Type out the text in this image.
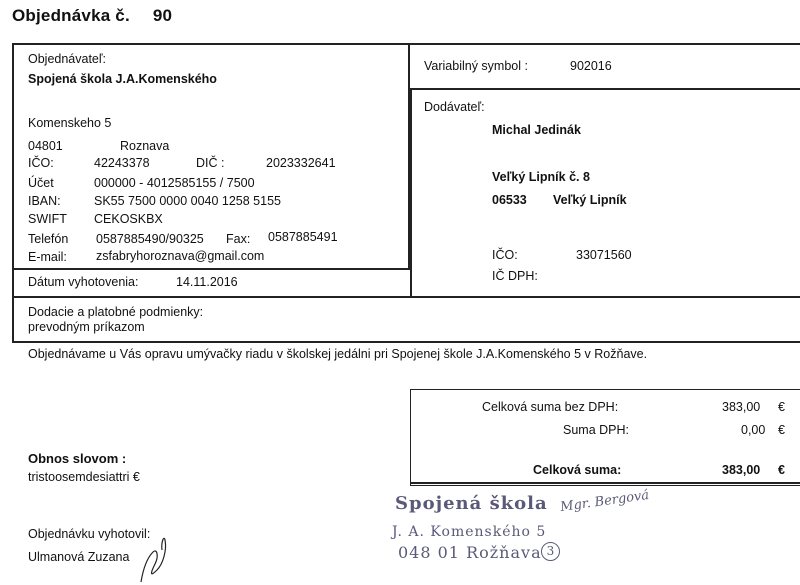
Objednávka č. 90
Objednávateľ:
Spojená škola J.A.Komenského
Komenskeho 5
04801	Roznava
IČO:	42243378	DIČ :	2023332641
Účet	000000 - 4012585155 / 7500
IBAN:	SK55 7500 0000 0040 1258 5155
SWIFT CEKOSKBX
Telefón 0587885490/90325 Fax: 0587885491
E-mail: zsfabryhoroznava@gmail.com
Variabilný symbol :	902016
Dodávateľ:
Michal Jedinák
Veľký Lipník č. 8
06533 Veľký Lipník
IČO:	33071560
IČ DPH:
Dátum vyhotovenia:	14.11.2016
Dodacie a platobné podmienky:
prevodným príkazom
Objednávame u Vás opravu umývačky riadu v školskej jedálni pri Spojenej škole J.A.Komenského 5 v Rožňave.
Celková suma bez DPH:	383,00 €
Suma DPH:	0,00 €
Celková suma:	383,00 €
Obnos slovom :
tristoosemdesiattri €
Objednávku vyhotovil:
Ulmanová Zuzana
Spojená škola Mgr. Bergová
J. A. Komenského 5
048 01 Rožňava 3
